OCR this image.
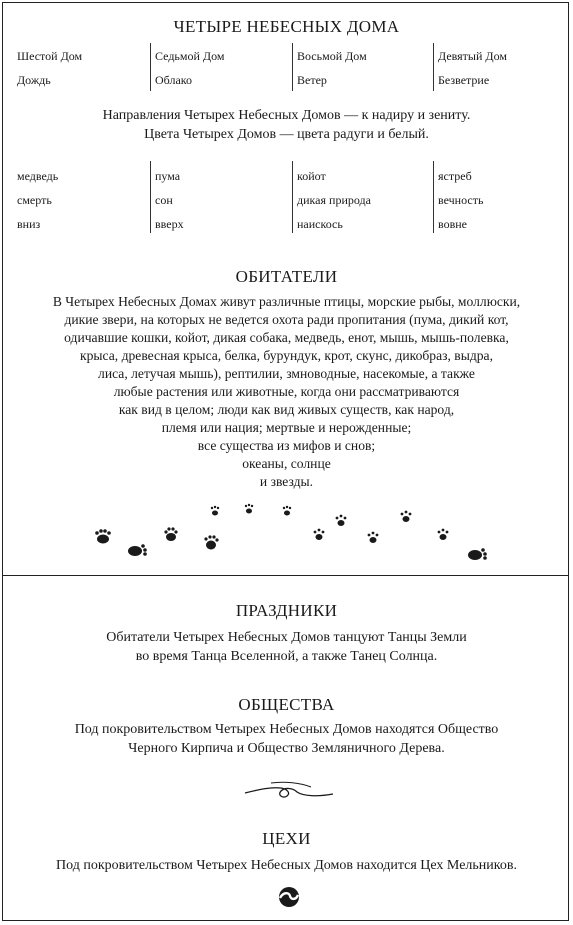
ЧЕТЫРЕ НЕБЕСНЫХ ДОМА
Шестой Дом
Дождь
Седьмой Дом
Облако
Восьмой Дом
Ветер
Девятый Дом
Безветрие
Направления Четырех Небесных Домов — к надиру и зениту.
Цвета Четырех Домов — цвета радуги и белый.
медведь
смерть
вниз
пума
сон
вверх
койот
дикая природа
наискось
ястреб
вечность
вовне
ОБИТАТЕЛИ
В Четырех Небесных Домах живут различные птицы, морские рыбы, моллюски,
дикие звери, на которых не ведется охота ради пропитания (пума, дикий кот,
одичавшие кошки, койот, дикая собака, медведь, енот, мышь, мышь-полевка,
крыса, древесная крыса, белка, бурундук, крот, скунс, дикобраз, выдра,
лиса, летучая мышь), рептилии, змноводные, насекомые, а также
любые растения или животные, когда они рассматриваются
как вид в целом; люди как вид живых существ, как народ,
племя или нация; мертвые и нерожденные;
все существа из мифов и снов;
океаны, солнце
и звезды.
ПРАЗДНИКИ
Обитатели Четырех Небесных Домов танцуют Танцы Земли
во время Танца Вселенной, а также Танец Солнца.
ОБЩЕСТВА
Под покровительством Четырех Небесных Домов находятся Общество
Черного Кирпича и Общество Земляничного Дерева.
ЦЕХИ
Под покровительством Четырех Небесных Домов находится Цех Мельников.
